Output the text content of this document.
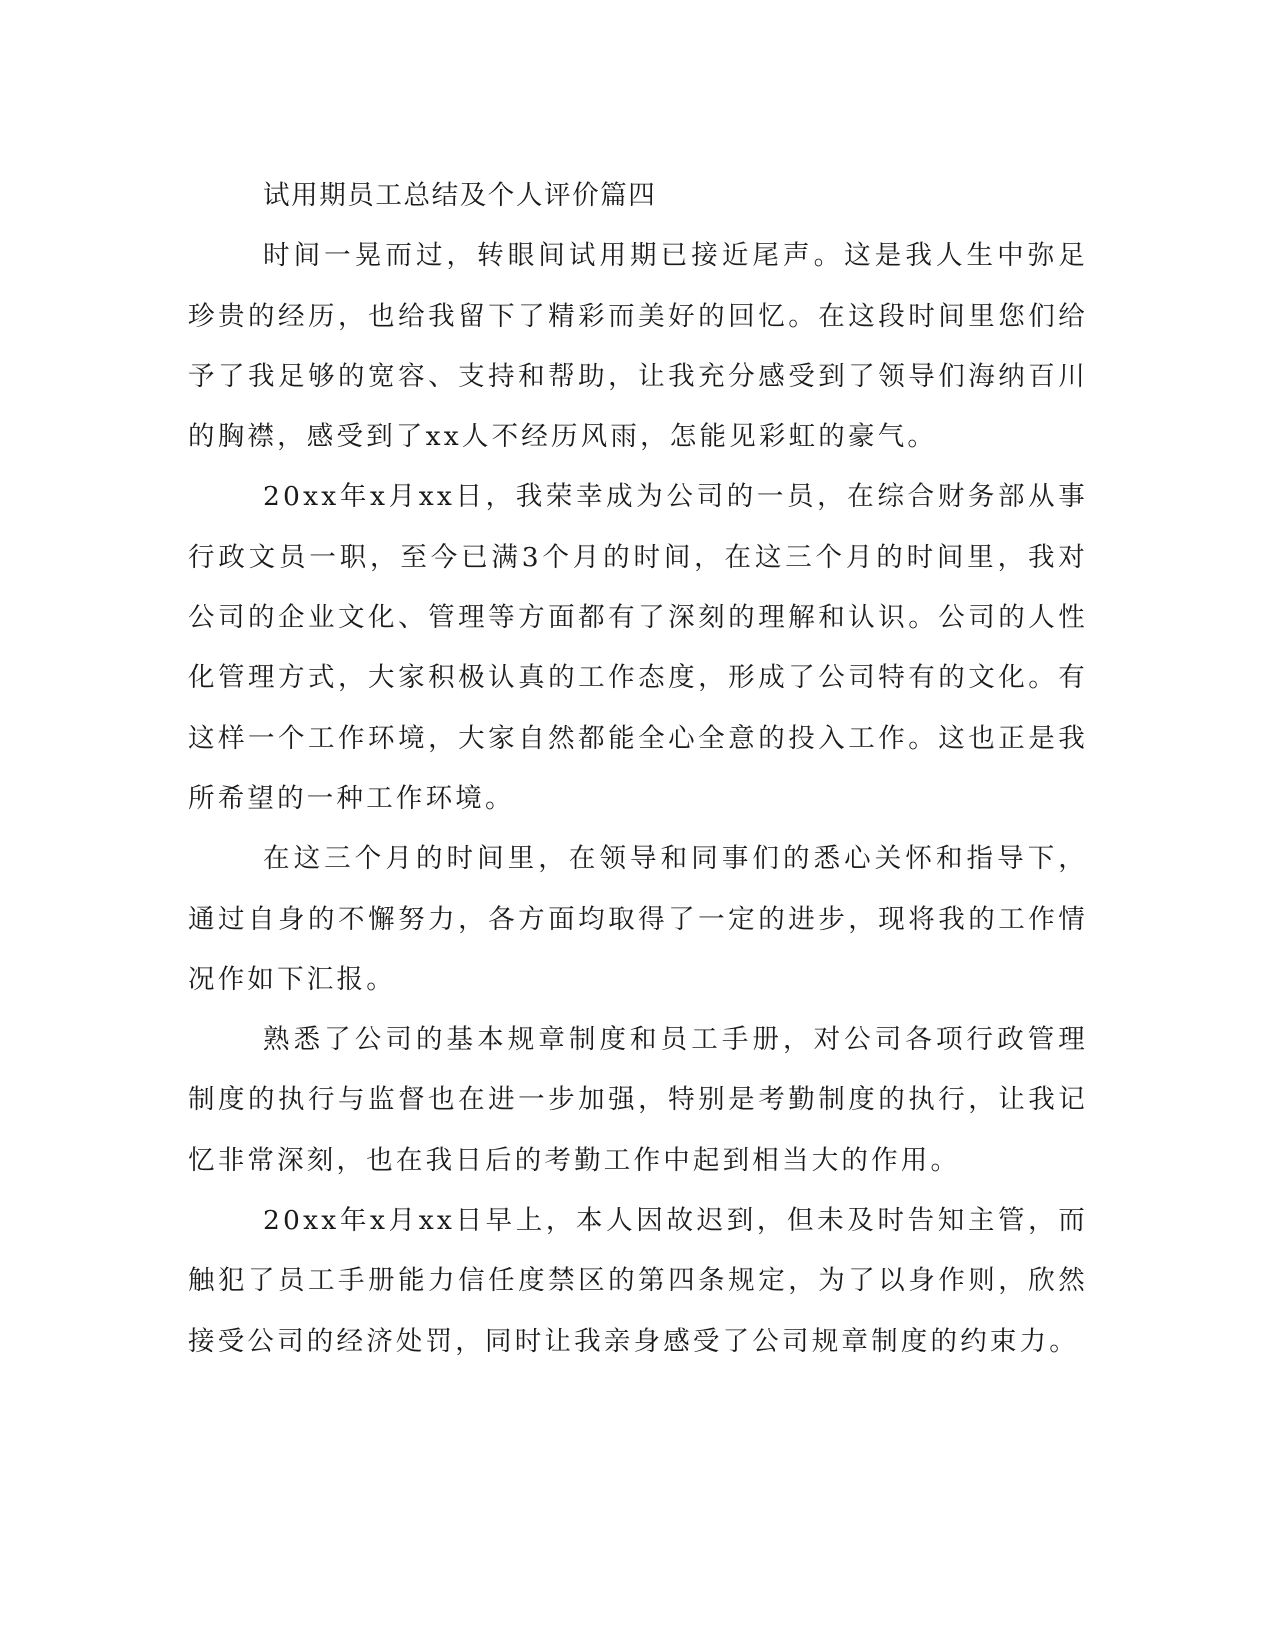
试用期员工总结及个人评价篇四

时间一晃而过，转眼间试用期已接近尾声。这是我人生中弥足珍贵的经历，也给我留下了精彩而美好的回忆。在这段时间里您们给予了我足够的宽容、支持和帮助，让我充分感受到了领导们海纳百川的胸襟，感受到了xx人不经历风雨，怎能见彩虹的豪气。

20xx年x月xx日，我荣幸成为公司的一员，在综合财务部从事行政文员一职，至今已满3个月的时间，在这三个月的时间里，我对公司的企业文化、管理等方面都有了深刻的理解和认识。公司的人性化管理方式，大家积极认真的工作态度，形成了公司特有的文化。有这样一个工作环境，大家自然都能全心全意的投入工作。这也正是我所希望的一种工作环境。

在这三个月的时间里，在领导和同事们的悉心关怀和指导下，通过自身的不懈努力，各方面均取得了一定的进步，现将我的工作情况作如下汇报。

熟悉了公司的基本规章制度和员工手册，对公司各项行政管理制度的执行与监督也在进一步加强，特别是考勤制度的执行，让我记忆非常深刻，也在我日后的考勤工作中起到相当大的作用。

20xx年x月xx日早上，本人因故迟到，但未及时告知主管，而触犯了员工手册能力信任度禁区的第四条规定，为了以身作则，欣然接受公司的经济处罚，同时让我亲身感受了公司规章制度的约束力。
